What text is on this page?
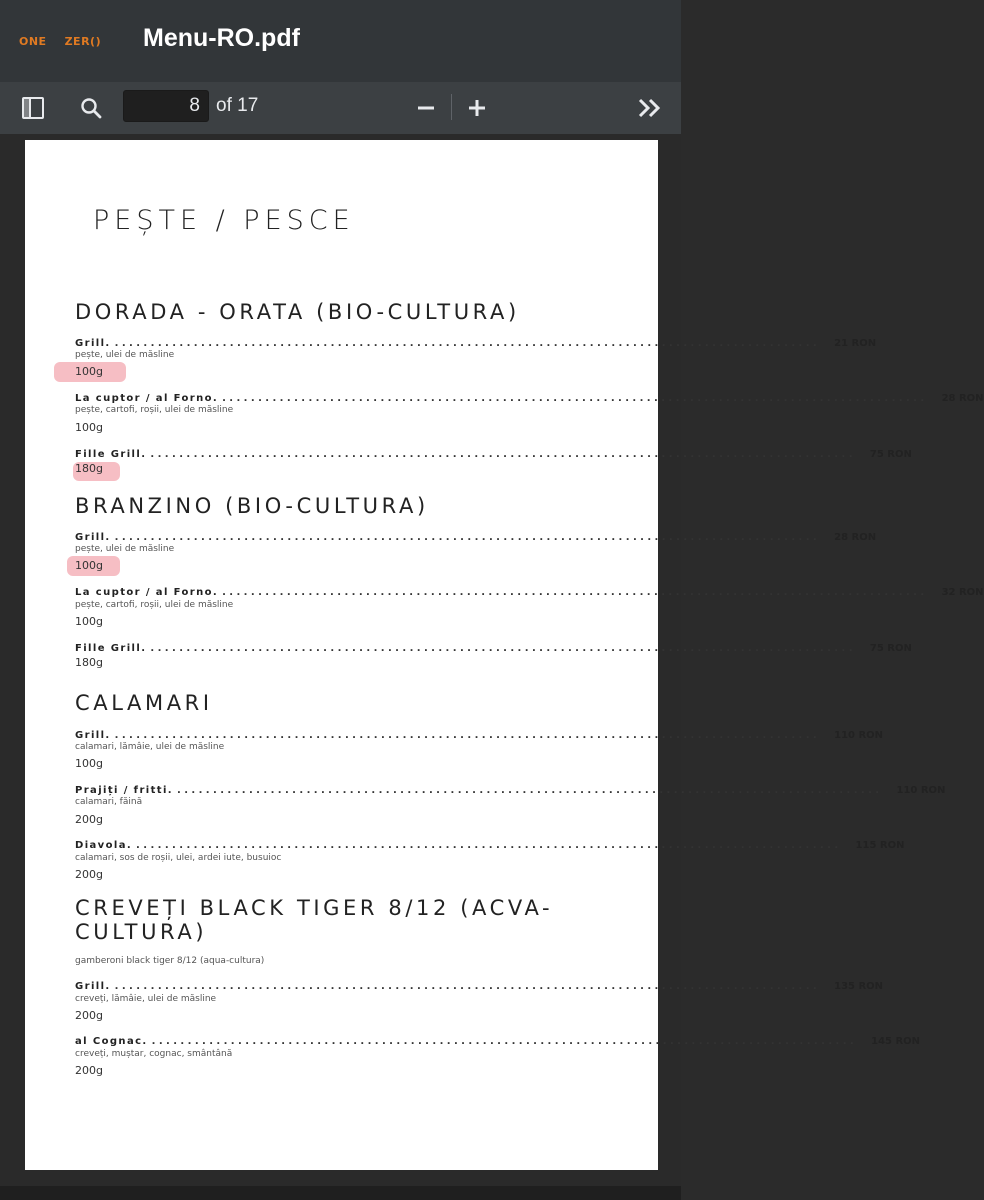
ONE ZER() Menu-RO.pdf
8 of 17
PEȘTE / PESCE
DORADA - ORATA (BIO-CULTURA)
Grill. .................................................................................................. 21 RON
pește, ulei de măsline
100g
La cuptor / al Forno. .................................................................................................. 28 RON
pește, cartofi, roșii, ulei de măsline
100g
Fille Grill. .................................................................................................. 75 RON
180g
BRANZINO (BIO-CULTURA)
Grill. .................................................................................................. 28 RON
pește, ulei de măsline
100g
La cuptor / al Forno. .................................................................................................. 32 RON
pește, cartofi, roșii, ulei de măsline
100g
Fille Grill. .................................................................................................. 75 RON
180g
CALAMARI
Grill. .................................................................................................. 110 RON
calamari, lămâie, ulei de măsline
100g
Prajiți / fritti. .................................................................................................. 110 RON
calamari, făină
200g
Diavola. .................................................................................................. 115 RON
calamari, sos de roșii, ulei, ardei iute, busuioc
200g
CREVEȚI BLACK TIGER 8/12 (ACVA-
CULTURA)
gamberoni black tiger 8/12 (aqua-cultura)
Grill. .................................................................................................. 135 RON
creveți, lămâie, ulei de măsline
200g
al Cognac. .................................................................................................. 145 RON
creveți, muștar, cognac, smântână
200g
